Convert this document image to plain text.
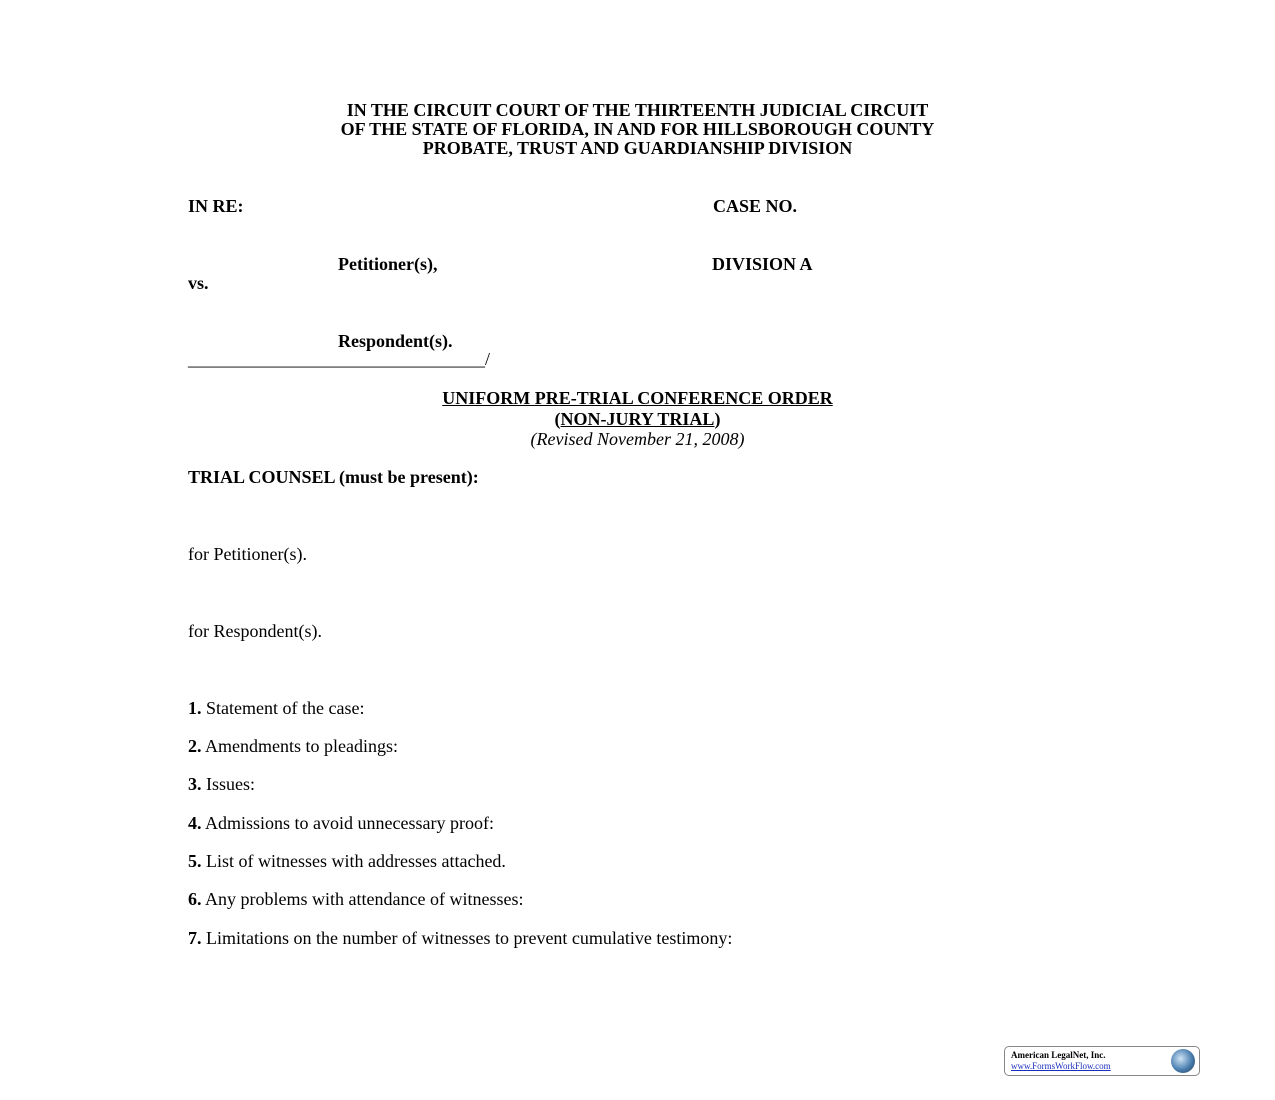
IN THE CIRCUIT COURT OF THE THIRTEENTH JUDICIAL CIRCUIT
OF THE STATE OF FLORIDA, IN AND FOR HILLSBOROUGH COUNTY
PROBATE, TRUST AND GUARDIANSHIP DIVISION
IN RE:	CASE NO.
Petitioner(s),	DIVISION A
vs.
Respondent(s).
_________________________________/
UNIFORM PRE-TRIAL CONFERENCE ORDER
(NON-JURY TRIAL)
(Revised November 21, 2008)
TRIAL COUNSEL (must be present):
for Petitioner(s).
for Respondent(s).
1. Statement of the case:
2. Amendments to pleadings:
3. Issues:
4. Admissions to avoid unnecessary proof:
5. List of witnesses with addresses attached.
6. Any problems with attendance of witnesses:
7. Limitations on the number of witnesses to prevent cumulative testimony:
American LegalNet, Inc.
www.FormsWorkFlow.com
